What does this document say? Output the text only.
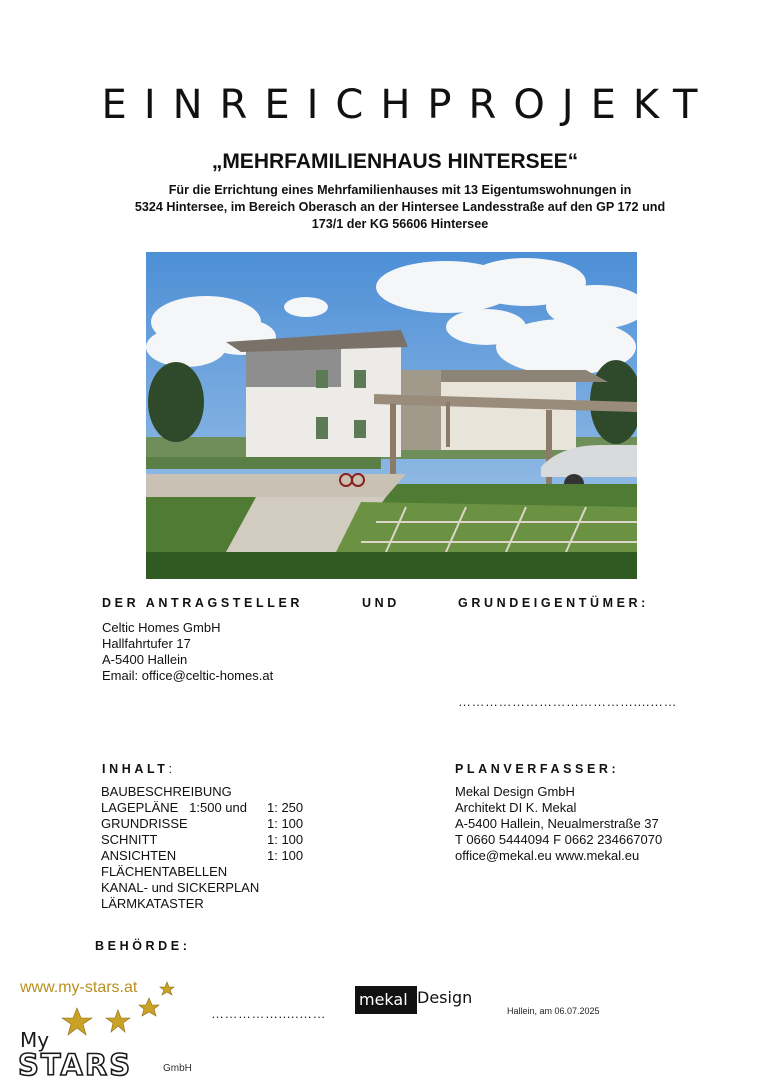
EINREICHPROJEKT
„MEHRFAMILIENHAUS HINTERSEE“
Für die Errichtung eines Mehrfamilienhauses mit 13 Eigentumswohnungen in
5324 Hintersee, im Bereich Oberasch an der Hintersee Landesstraße auf den GP 172 und
173/1 der KG 56606 Hintersee
DER ANTRAGSTELLER	UND	GRUNDEIGENTÜMER:
Celtic Homes GmbH
Hallfahrtufer 17
A-5400 Hallein
Email: office@celtic-homes.at
…………………………………....……
INHALT:
BAUBESCHREIBUNG
LAGEPLÄNE   1:500 und	1: 250
GRUNDRISSE	1: 100
SCHNITT	1: 100
ANSICHTEN	1: 100
FLÄCHENTABELLEN
KANAL- und SICKERPLAN
LÄRMKATASTER
PLANVERFASSER:
Mekal Design GmbH
Architekt DI K. Mekal
A-5400 Hallein, Neualmerstraße 37
T 0660 5444094 F 0662 234667070
office@mekal.eu www.mekal.eu
BEHÖRDE:
www.my-stars.at
My
STARS	GmbH
…………….....……
mekal Design
Hallein, am 06.07.2025
